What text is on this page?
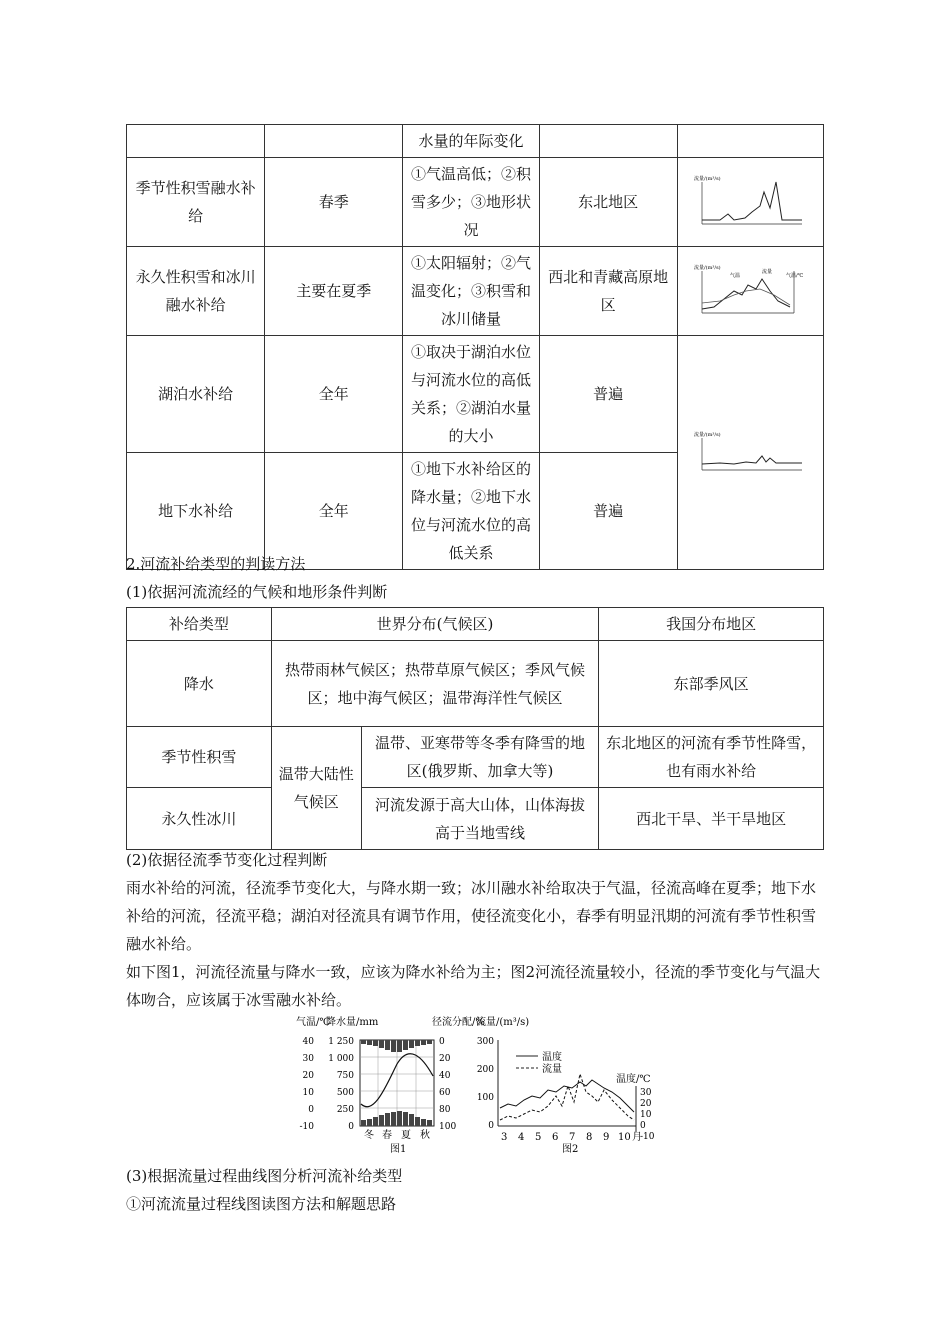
		水量的年际变化		
季节性积雪融水补给	春季	①气温高低；②积雪多少；③地形状况	东北地区	流量/(m³/s)

永久性积雪和冰川融水补给	主要在夏季	①太阳辐射；②气温变化；③积雪和冰川储量	西北和青藏高原地区	流量/(m³/s)
气温
流量
气温/℃

湖泊水补给	全年	①取决于湖泊水位与河流水位的高低关系；②湖泊水量的大小	普遍	流量/(m³/s)

地下水补给	全年	①地下水补给区的降水量；②地下水位与河流水位的高低关系	普遍	
2.河流补给类型的判读方法
(1)依据河流流经的气候和地形条件判断
补给类型	世界分布(气候区)		我国分布地区
降水	热带雨林气候区；热带草原气候区；季风气候区；地中海气候区；温带海洋性气候区		东部季风区
季节性积雪	温带大陆性气候区	温带、亚寒带等冬季有降雪的地区(俄罗斯、加拿大等)	东北地区的河流有季节性降雪，也有雨水补给
永久性冰川		河流发源于高大山体，山体海拔高于当地雪线	西北干旱、半干旱地区
(2)依据径流季节变化过程判断
雨水补给的河流，径流季节变化大，与降水期一致；冰川融水补给取决于气温，径流高峰在夏季；地下水补给的河流，径流平稳；湖泊对径流具有调节作用，使径流变化小，春季有明显汛期的河流有季节性积雪融水补给。
如下图1，河流径流量与降水一致，应该为降水补给为主；图2河流径流量较小，径流的季节变化与气温大体吻合，应该属于冰雪融水补给。
气温/℃
降水量/mm	径流分配/%
40
30
20
10
0
-10
1 250
1 000
750
500
250
0
0
20
40
60
80
100
冬 春 夏 秋
图1
流量/(m³/s)
300
200
100
0
温度
流量
温度/℃
30
20
10
0
-10
3 4 5 6 7 8 9 10 月
图2
(3)根据流量过程曲线图分析河流补给类型
①河流流量过程线图读图方法和解题思路
